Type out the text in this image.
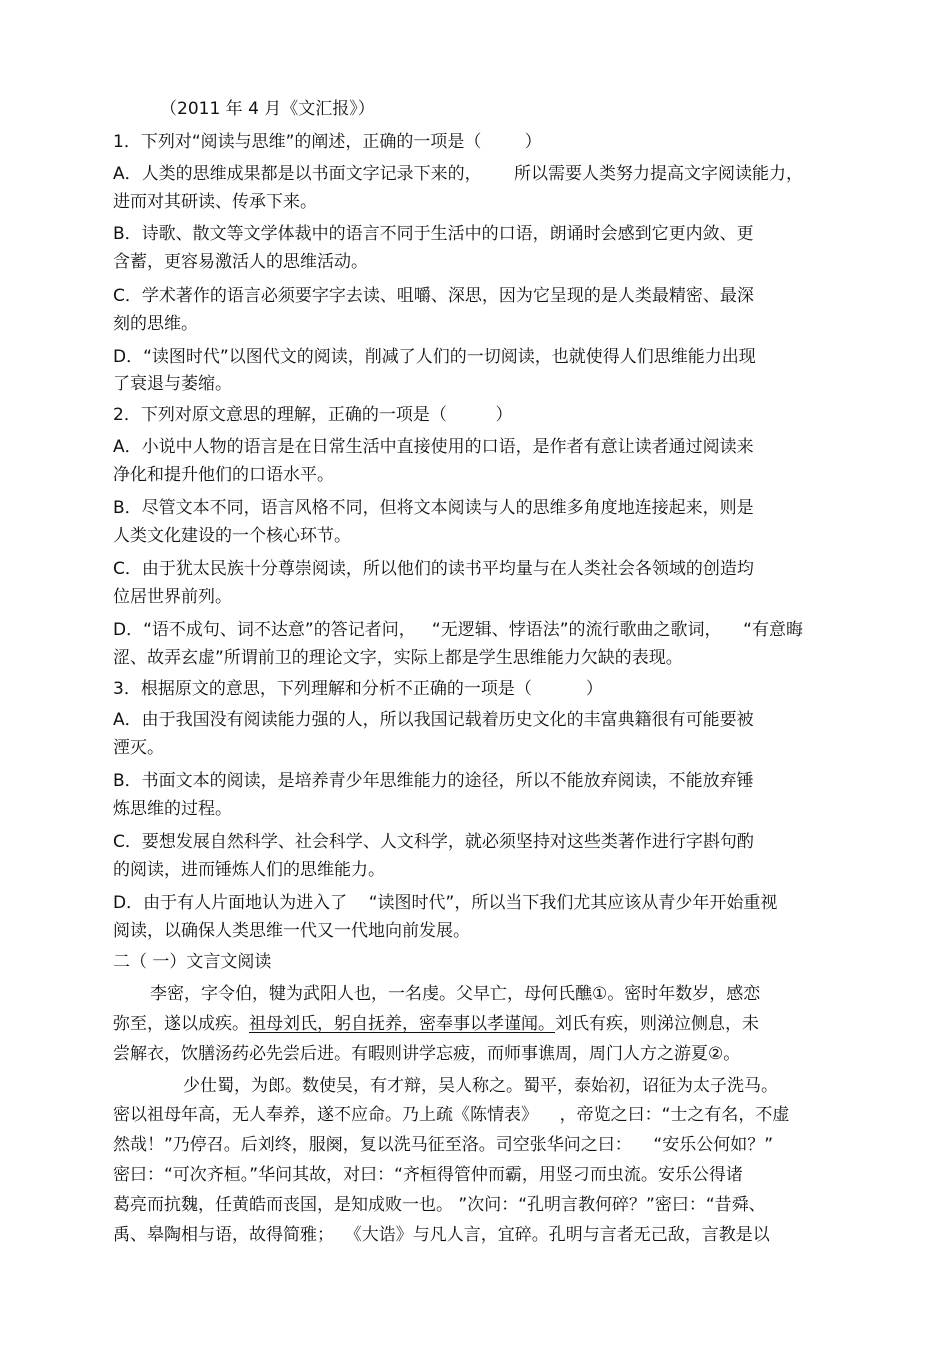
（2011 年 4 月《文汇报》）
1．下列对“阅读与思维”的阐述，正确的一项是（        ）
A．人类的思维成果都是以书面文字记录下来的，      所以需要人类努力提高文字阅读能力，
进而对其研读、传承下来。
B．诗歌、散文等文学体裁中的语言不同于生活中的口语，朗诵时会感到它更内敛、更
含蓄，更容易激活人的思维活动。
C．学术著作的语言必须要字字去读、咀嚼、深思，因为它呈现的是人类最精密、最深
刻的思维。
D．“读图时代”以图代文的阅读，削减了人们的一切阅读，也就使得人们思维能力出现
了衰退与萎缩。
2．下列对原文意思的理解，正确的一项是（         ）
A．小说中人物的语言是在日常生活中直接使用的口语，是作者有意让读者通过阅读来
净化和提升他们的口语水平。
B．尽管文本不同，语言风格不同，但将文本阅读与人的思维多角度地连接起来，则是
人类文化建设的一个核心环节。
C．由于犹太民族十分尊崇阅读，所以他们的读书平均量与在人类社会各领域的创造均
位居世界前列。
D．“语不成句、词不达意”的答记者问，   “无逻辑、悖语法”的流行歌曲之歌词，    “有意晦
涩、故弄玄虚”所谓前卫的理论文字，实际上都是学生思维能力欠缺的表现。
3．根据原文的意思，下列理解和分析不正确的一项是（          ）
A．由于我国没有阅读能力强的人，所以我国记载着历史文化的丰富典籍很有可能要被
湮灭。
B．书面文本的阅读，是培养青少年思维能力的途径，所以不能放弃阅读，不能放弃锤
炼思维的过程。
C．要想发展自然科学、社会科学、人文科学，就必须坚持对这些类著作进行字斟句酌
的阅读，进而锤炼人们的思维能力。
D．由于有人片面地认为进入了    “读图时代”，所以当下我们尤其应该从青少年开始重视
阅读，以确保人类思维一代又一代地向前发展。
二（ 一）文言文阅读
李密，字令伯，犍为武阳人也，一名虔。父早亡，母何氏醮①。密时年数岁，感恋
弥至，遂以成疾。祖母刘氏，躬自抚养，密奉事以孝谨闻。刘氏有疾，则涕泣侧息，未
尝解衣，饮膳汤药必先尝后进。有暇则讲学忘疲，而师事谯周，周门人方之游夏②。
少仕蜀，为郎。数使吴，有才辩，吴人称之。蜀平，泰始初，诏征为太子洗马。
密以祖母年高，无人奉养，遂不应命。乃上疏《陈情表》    ，帝览之曰：“士之有名，不虚
然哉！”乃停召。后刘终，服阕，复以洗马征至洛。司空张华问之曰：    “安乐公何如？”
密曰：“可次齐桓。”华问其故，对曰：“齐桓得管仲而霸，用竖刁而虫流。安乐公得诸
葛亮而抗魏，任黄皓而丧国，是知成败一也。 ”次问：“孔明言教何碎？”密曰：“昔舜、
禹、皋陶相与语，故得简雅；  《大诰》与凡人言，宜碎。孔明与言者无己敌，言教是以
